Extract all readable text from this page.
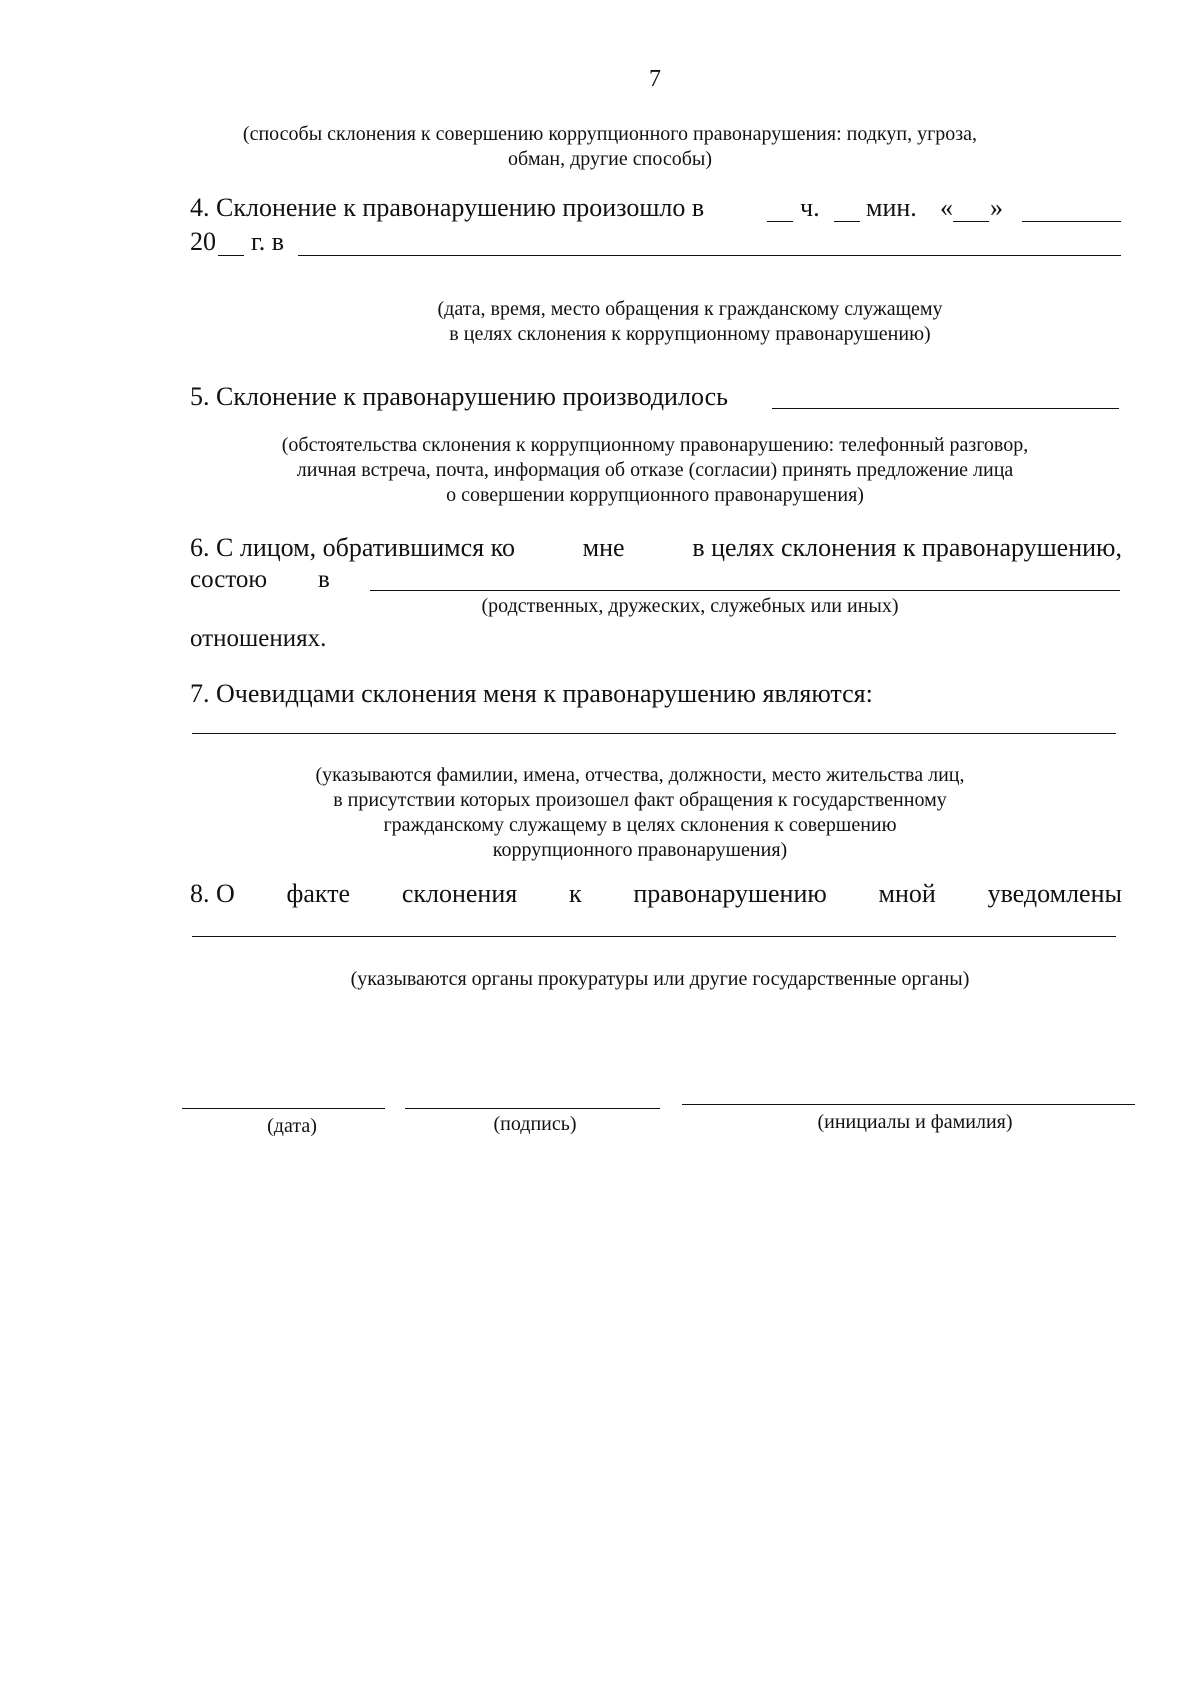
7
(способы склонения к совершению коррупционного правонарушения: подкуп, угроза,
обман, другие способы)
4. Склонение к правонарушению произошло в	ч. мин. « »
20 г. в
(дата, время, место обращения к гражданскому служащему
в целях склонения к коррупционному правонарушению)
5. Склонение к правонарушению производилось
(обстоятельства склонения к коррупционному правонарушению: телефонный разговор,
личная встреча, почта, информация об отказе (согласии) принять предложение лица
о совершении коррупционного правонарушения)
6. С лицом, обратившимся ко	мне	в целях склонения к правонарушению,
состою в
(родственных, дружеских, служебных или иных)
отношениях.
7. Очевидцами склонения меня к правонарушению являются:
(указываются фамилии, имена, отчества, должности, место жительства лиц,
в присутствии которых произошел факт обращения к государственному
гражданскому служащему в целях склонения к совершению
коррупционного правонарушения)
8. О факте склонения к правонарушению мной уведомлены
(указываются органы прокуратуры или другие государственные органы)
(дата)	(подпись)	(инициалы и фамилия)
